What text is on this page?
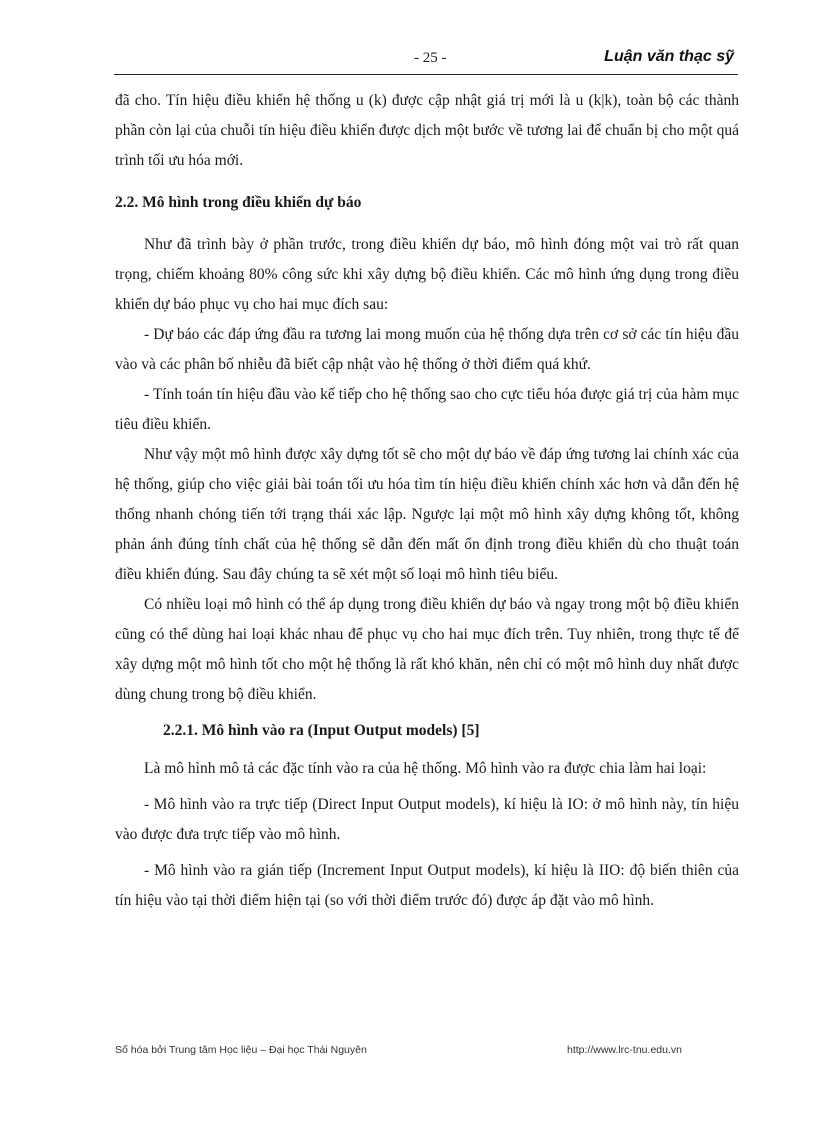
- 25 -	Luận văn thạc sỹ

đã cho. Tín hiệu điều khiển hệ thống u (k) được cập nhật giá trị mới là u (k|k), toàn bộ các thành phần còn lại của chuỗi tín hiệu điều khiển được dịch một bước về tương lai để chuẩn bị cho một quá trình tối ưu hóa mới.

2.2. Mô hình trong điều khiển dự báo

Như đã trình bày ở phần trước, trong điều khiển dự báo, mô hình đóng một vai trò rất quan trọng, chiếm khoảng 80% công sức khi xây dựng bộ điều khiển. Các mô hình ứng dụng trong điều khiển dự báo phục vụ cho hai mục đích sau:

- Dự báo các đáp ứng đầu ra tương lai mong muốn của hệ thống dựa trên cơ sở các tín hiệu đầu vào và các phân bố nhiễu đã biết cập nhật vào hệ thống ở thời điểm quá khứ.

- Tính toán tín hiệu đầu vào kế tiếp cho hệ thống sao cho cực tiểu hóa được giá trị của hàm mục tiêu điều khiển.

Như vậy một mô hình được xây dựng tốt sẽ cho một dự báo về đáp ứng tương lai chính xác của hệ thống, giúp cho việc giải bài toán tối ưu hóa tìm tín hiệu điều khiển chính xác hơn và dẫn đến hệ thống nhanh chóng tiến tới trạng thái xác lập. Ngược lại một mô hình xây dựng không tốt, không phản ánh đúng tính chất của hệ thống sẽ dẫn đến mất ổn định trong điều khiển dù cho thuật toán điều khiển đúng. Sau đây chúng ta sẽ xét một số loại mô hình tiêu biểu.

Có nhiều loại mô hình có thể áp dụng trong điều khiển dự báo và ngay trong một bộ điều khiển cũng có thể dùng hai loại khác nhau để phục vụ cho hai mục đích trên. Tuy nhiên, trong thực tế để xây dựng một mô hình tốt cho một hệ thống là rất khó khăn, nên chỉ có một mô hình duy nhất được dùng chung trong bộ điều khiển.

2.2.1. Mô hình vào ra (Input Output models) [5]

Là mô hình mô tả các đặc tính vào ra của hệ thống. Mô hình vào ra được chia làm hai loại:

- Mô hình vào ra trực tiếp (Direct Input Output models), kí hiệu là IO: ở mô hình này, tín hiệu vào được đưa trực tiếp vào mô hình.

- Mô hình vào ra gián tiếp (Increment Input Output models), kí hiệu là IIO: độ biến thiên của tín hiệu vào tại thời điểm hiện tại (so với thời điểm trước đó) được áp đặt vào mô hình.

Số hóa bởi Trung tâm Học liệu – Đại học Thái Nguyên	http://www.lrc-tnu.edu.vn
